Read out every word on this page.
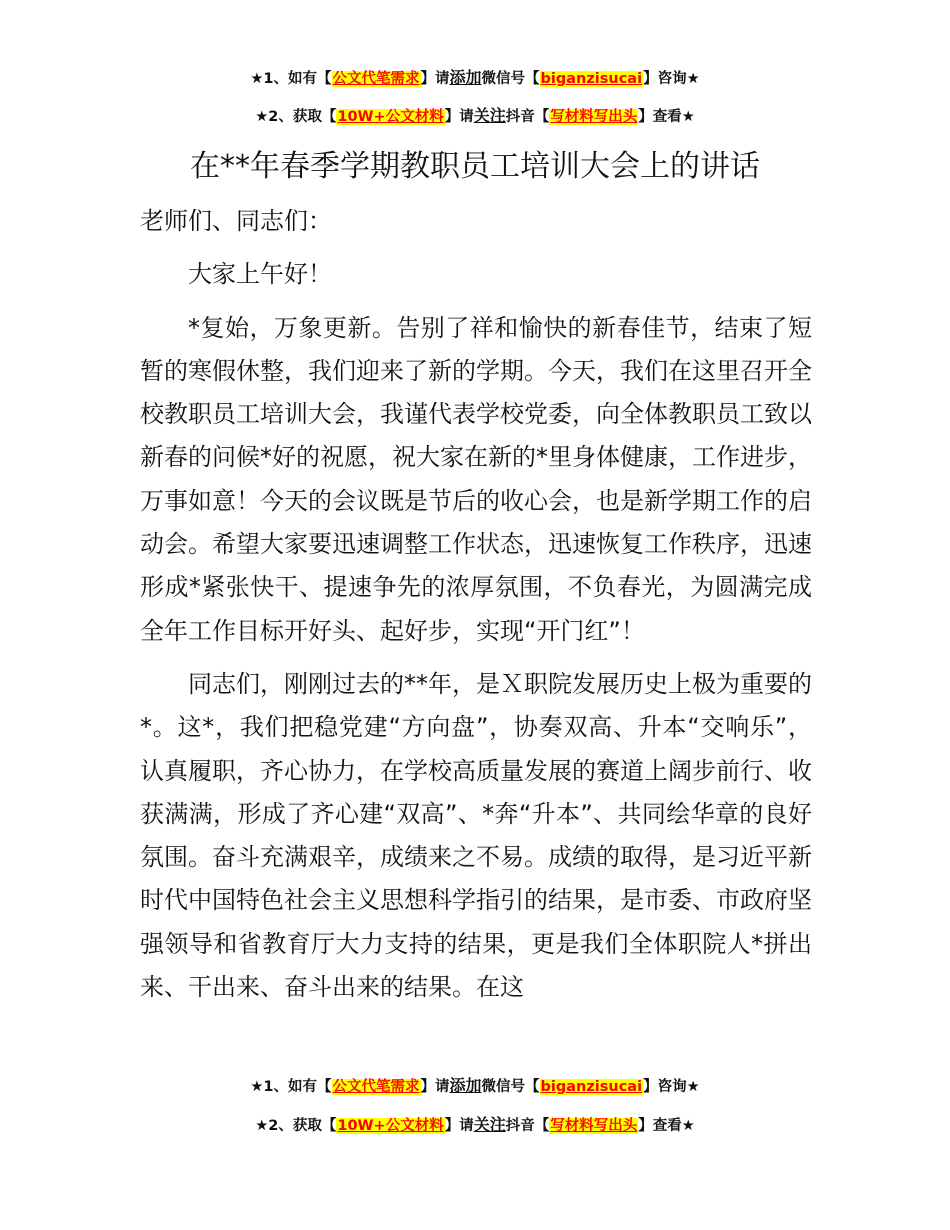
★1、如有【公文代笔需求】请添加微信号【biganzisucai】咨询★
★2、获取【10W+公文材料】请关注抖音【写材料写出头】查看★
在**年春季学期教职员工培训大会上的讲话

老师们、同志们：

大家上午好！

*复始，万象更新。告别了祥和愉快的新春佳节，结束了短暂的寒假休整，我们迎来了新的学期。今天，我们在这里召开全校教职员工培训大会，我谨代表学校党委，向全体教职员工致以新春的问候*好的祝愿，祝大家在新的*里身体健康，工作进步，万事如意！今天的会议既是节后的收心会，也是新学期工作的启动会。希望大家要迅速调整工作状态，迅速恢复工作秩序，迅速形成*紧张快干、提速争先的浓厚氛围，不负春光，为圆满完成全年工作目标开好头、起好步，实现“开门红”！

同志们，刚刚过去的**年，是Ｘ职院发展历史上极为重要的*。这*，我们把稳党建“方向盘”，协奏双高、升本“交响乐”，认真履职，齐心协力，在学校高质量发展的赛道上阔步前行、收获满满，形成了齐心建“双高”、*奔“升本”、共同绘华章的良好氛围。奋斗充满艰辛，成绩来之不易。成绩的取得，是习近平新时代中国特色社会主义思想科学指引的结果，是市委、市政府坚强领导和省教育厅大力支持的结果，更是我们全体职院人*拼出来、干出来、奋斗出来的结果。在这

★1、如有【公文代笔需求】请添加微信号【biganzisucai】咨询★
★2、获取【10W+公文材料】请关注抖音【写材料写出头】查看★
